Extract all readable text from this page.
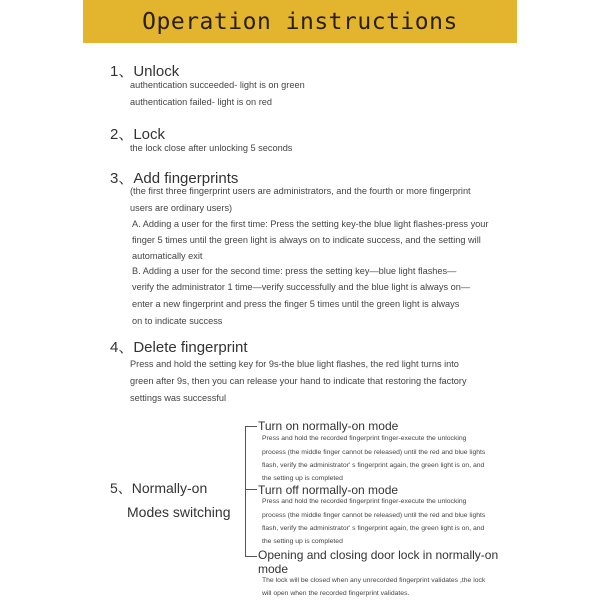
Operation instructions
1、Unlock
authentication succeeded- light is on green
authentication failed- light is on red
2、Lock
the lock close after unlocking 5 seconds
3、Add fingerprints
(the first three fingerprint users are administrators, and the fourth or more fingerprint
users are ordinary users)
A. Adding a user for the first time: Press the setting key-the blue light flashes-press your
finger 5 times until the green light is always on to indicate success, and the setting will
automatically exit
B. Adding a user for the second time: press the setting key—blue light flashes—
verify the administrator 1 time—verify successfully and the blue light is always on—
enter a new fingerprint and press the finger 5 times until the green light is always
on to indicate success
4、Delete fingerprint
Press and hold the setting key for 9s-the blue light flashes, the red light turns into
green after 9s, then you can release your hand to indicate that restoring the factory
settings was successful
5、Normally-on
Modes switching
Turn on normally-on mode
Press and hold the recorded fingerprint finger-execute the unlocking
process (the middle finger cannot be released) until the red and blue lights
flash, verify the administrator' s fingerprint again, the green light is on, and
the setting up is completed
Turn off normally-on mode
Press and hold the recorded fingerprint finger-execute the unlocking
process (the middle finger cannot be released) until the red and blue lights
flash, verify the administrator' s fingerprint again, the green light is on, and
the setting up is completed
Opening and closing door lock in normally-on
mode
The lock will be closed when any unrecorded fingerprint validates ,the lock
will open when the recorded fingerprint validates.
